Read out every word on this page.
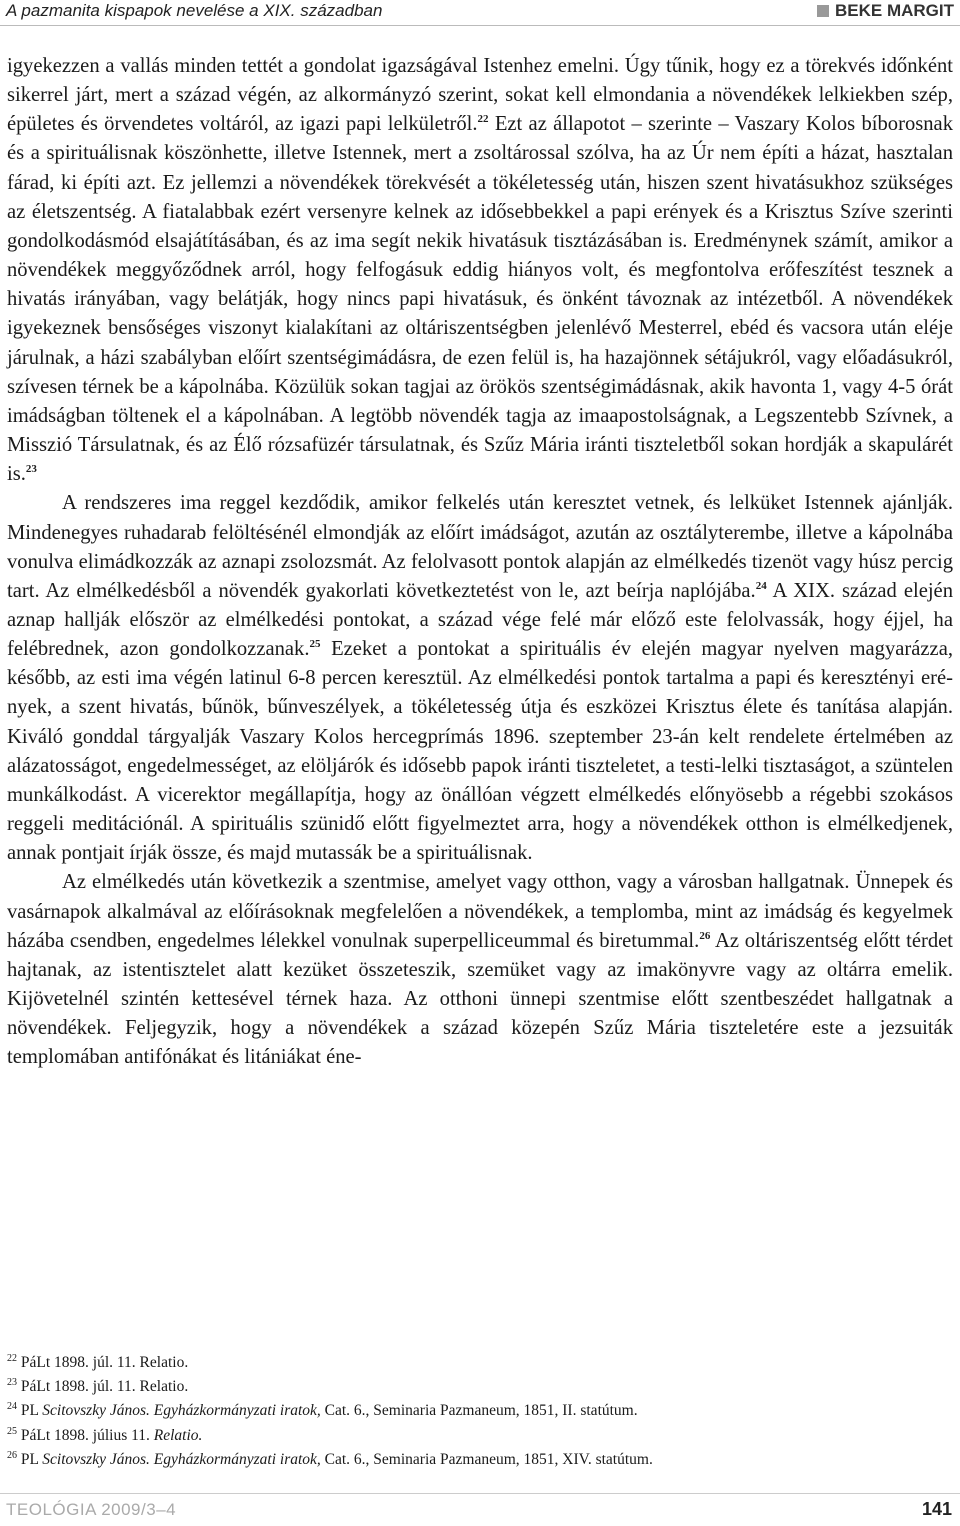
A pazmanita kispapok nevelése a XIX. században	BEKE MARGIT

igyekezzen a vallás minden tettét a gondolat igazságával Istenhez emelni. Úgy tűnik, hogy ez a törekvés időnként sikerrel járt, mert a század végén, az alkormányzó szerint, sokat kell elmondania a növendékek lelkiekben szép, épületes és örvendetes voltáról, az igazi papi lelkületről.$^{22}$ Ezt az állapotot – szerinte – Vaszary Kolos bíborosnak és a spirituálisnak köszönhette, illetve Istennek, mert a zsoltárossal szólva, ha az Úr nem építi a házat, hasztalan fárad, ki építi azt. Ez jellemzi a növendékek törekvését a tökéletesség után, hiszen szent hivatásukhoz szükséges az életszentség. A fiatalabbak ezért versenyre kelnek az idősebbekkel a papi erények és a Krisztus Szíve szerinti gondolkodásmód elsajátításában, és az ima segít nekik hivatásuk tisztázásában is. Eredménynek számít, amikor a növendékek meggyőződnek arról, hogy felfogásuk eddig hiányos volt, és megfontolva erőfeszítést tesznek a hivatás irányában, vagy belátják, hogy nincs papi hivatásuk, és önként távoznak az intézetből. A növendékek igyekeznek bensőséges viszonyt kialakítani az oltáriszentségben jelenlévő Mesterrel, ebéd és vacsora után eléje járulnak, a házi szabályban előírt szentségimádásra, de ezen felül is, ha hazajönnek sétájukról, vagy előadásukról, szívesen térnek be a kápolnába. Közülük sokan tagjai az örökös szentségimádásnak, akik havonta 1, vagy 4-5 órát imádságban töltenek el a kápolnában. A legtöbb növendék tagja az imaapostolságnak, a Legszentebb Szívnek, a Misszió Társulatnak, és az Élő rózsafüzér társulatnak, és Szűz Mária iránti tiszteletből sokan hordják a skapulárét is.$^{23}$

A rendszeres ima reggel kezdődik, amikor felkelés után keresztet vetnek, és lelküket Istennek ajánlják. Mindenegyes ruhadarab felöltésénél elmondják az előírt imádságot, azután az osztályterembe, illetve a kápolnába vonulva elimádkozzák az aznapi zsolozsmát. Az felolvasott pontok alapján az elmélkedés tizenöt vagy húsz percig tart. Az elmélkedésből a növendék gyakorlati következtetést von le, azt beírja naplójába.$^{24}$ A XIX. század elején aznap hallják először az elmélkedési pontokat, a század vége felé már előző este felolvassák, hogy éjjel, ha felébrednek, azon gondolkozzanak.$^{25}$ Ezeket a pontokat a spirituális év elején magyar nyelven magyarázza, később, az esti ima végén latinul 6-8 percen keresztül. Az elmélkedési pontok tartalma a papi és keresztényi erények, a szent hivatás, bűnök, bűnveszélyek, a tökéletesség útja és eszközei Krisztus élete és tanítása alapján. Kiváló gonddal tárgyalják Vaszary Kolos hercegprímás 1896. szeptember 23-án kelt rendelete értelmében az alázatosságot, engedelmességet, az elöljárók és idősebb papok iránti tiszteletet, a testi-lelki tisztaságot, a szüntelen munkálkodást. A vicerektor megállapítja, hogy az önállóan végzett elmélkedés előnyösebb a régebbi szokásos reggeli meditációnál. A spirituális szünidő előtt figyelmeztet arra, hogy a növendékek otthon is elmélkedjenek, annak pontjait írják össze, és majd mutassák be a spirituálisnak.

Az elmélkedés után következik a szentmise, amelyet vagy otthon, vagy a városban hallgatnak. Ünnepek és vasárnapok alkalmával az előírásoknak megfelelően a növendékek, a templomba, mint az imádság és kegyelmek házába csendben, engedelmes lélekkel vonulnak superpelliceummal és biretummal.$^{26}$ Az oltáriszentség előtt térdet hajtanak, az istentisztelet alatt kezüket összeteszik, szemüket vagy az imakönyvre vagy az oltárra emelik. Kijövetelnél szintén kettesével térnek haza. Az otthoni ünnepi szentmise előtt szentbeszédet hallgatnak a növendékek. Feljegyzik, hogy a növendékek a század közepén Szűz Mária tiszteletére este a jezsuiták templomában antifónákat és litániákat éne-

$^{22}$ PáLt 1898. júl. 11. Relatio.
$^{23}$ PáLt 1898. júl. 11. Relatio.
$^{24}$ PL Scitovszky János. Egyházkormányzati iratok, Cat. 6., Seminaria Pazmaneum, 1851, II. statútum.
$^{25}$ PáLt 1898. július 11. Relatio.
$^{26}$ PL Scitovszky János. Egyházkormányzati iratok, Cat. 6., Seminaria Pazmaneum, 1851, XIV. statútum.
TEOLÓGIA 2009/3–4	141
